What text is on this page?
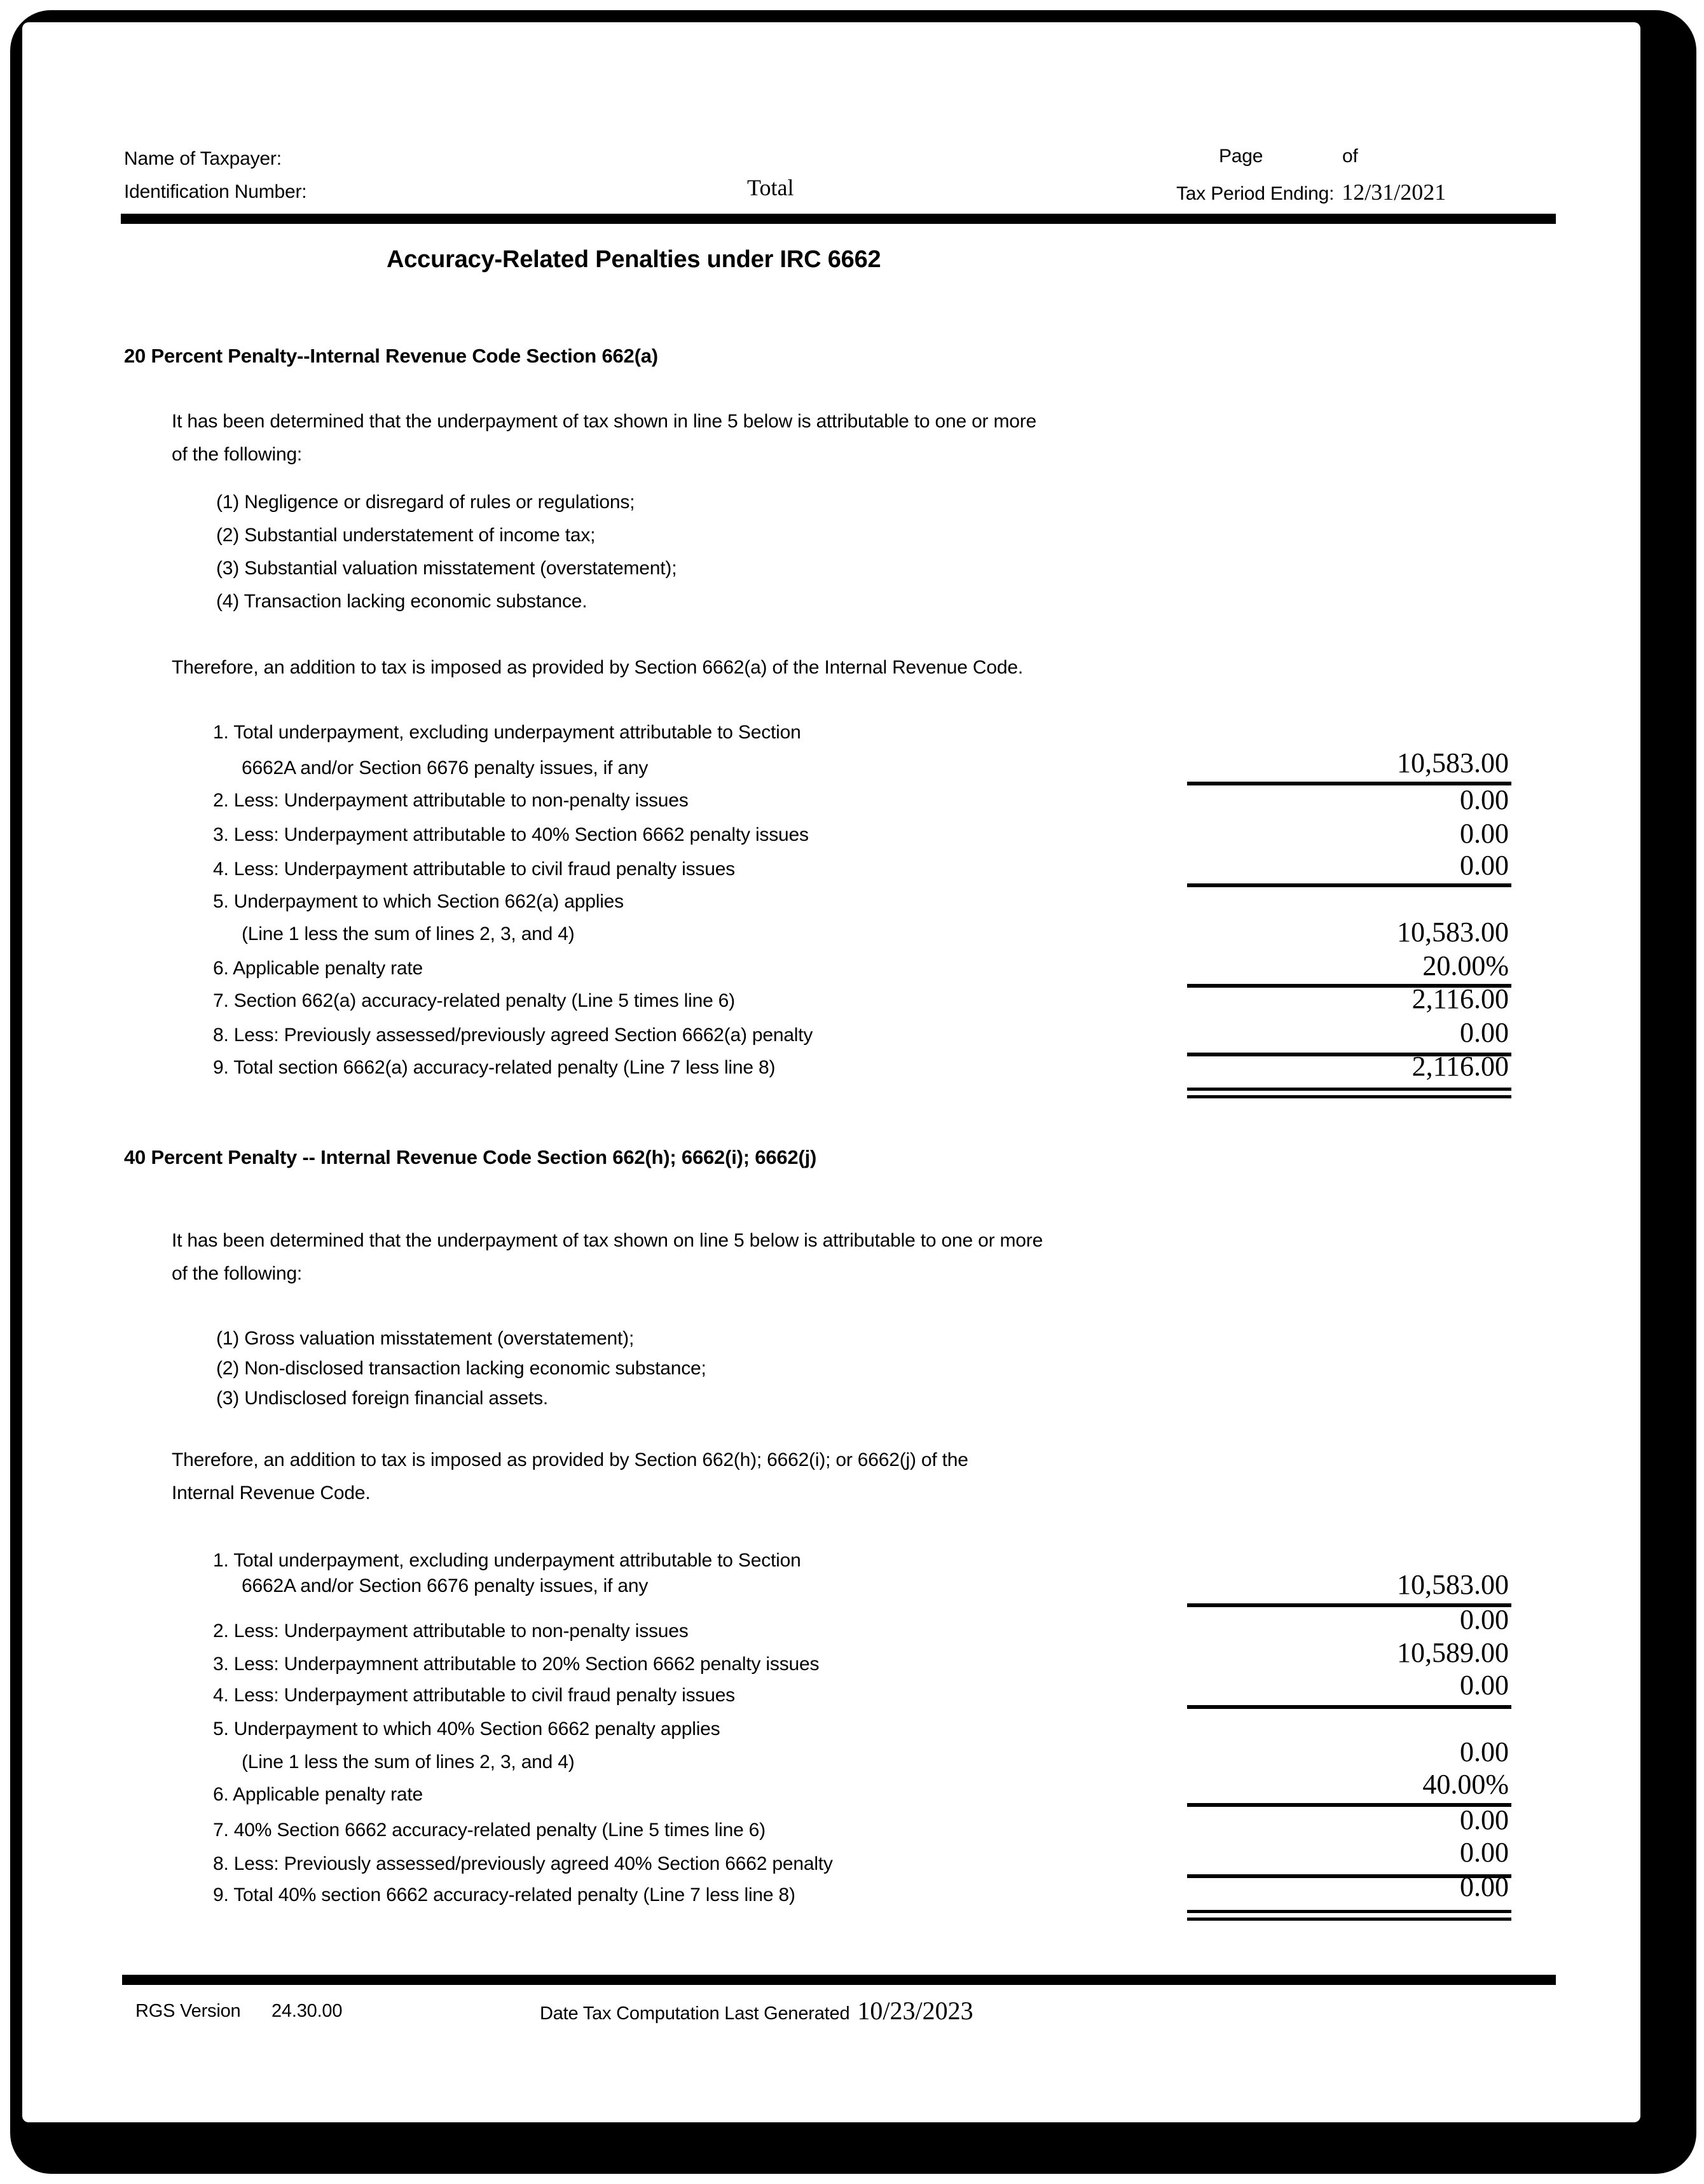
Name of Taxpayer:
Identification Number:	Total
Page	of
Tax Period Ending: 12/31/2021
Accuracy-Related Penalties under IRC 6662
20 Percent Penalty--Internal Revenue Code Section 662(a)
It has been determined that the underpayment of tax shown in line 5 below is attributable to one or more of the following:
(1) Negligence or disregard of rules or regulations;
(2) Substantial understatement of income tax;
(3) Substantial valuation misstatement (overstatement);
(4) Transaction lacking economic substance.
Therefore, an addition to tax is imposed as provided by Section 6662(a) of the Internal Revenue Code.
1. Total underpayment, excluding underpayment attributable to Section
6662A and/or Section 6676 penalty issues, if any	10,583.00
2. Less: Underpayment attributable to non-penalty issues	0.00
3. Less: Underpayment attributable to 40% Section 6662 penalty issues	0.00
4. Less: Underpayment attributable to civil fraud penalty issues	0.00
5. Underpayment to which Section 662(a) applies
(Line 1 less the sum of lines 2, 3, and 4)	10,583.00
6. Applicable penalty rate	20.00%
7. Section 662(a) accuracy-related penalty (Line 5 times line 6)	2,116.00
8. Less: Previously assessed/previously agreed Section 6662(a) penalty	0.00
9. Total section 6662(a) accuracy-related penalty (Line 7 less line 8)	2,116.00
40 Percent Penalty -- Internal Revenue Code Section 662(h); 6662(i); 6662(j)
It has been determined that the underpayment of tax shown on line 5 below is attributable to one or more of the following:
(1) Gross valuation misstatement (overstatement);
(2) Non-disclosed transaction lacking economic substance;
(3) Undisclosed foreign financial assets.
Therefore, an addition to tax is imposed as provided by Section 662(h); 6662(i); or 6662(j) of the Internal Revenue Code.
1. Total underpayment, excluding underpayment attributable to Section
6662A and/or Section 6676 penalty issues, if any	10,583.00
2. Less: Underpayment attributable to non-penalty issues	0.00
3. Less: Underpaymnent attributable to 20% Section 6662 penalty issues	10,589.00
4. Less: Underpayment attributable to civil fraud penalty issues	0.00
5. Underpayment to which 40% Section 6662 penalty applies
(Line 1 less the sum of lines 2, 3, and 4)	0.00
6. Applicable penalty rate	40.00%
7. 40% Section 6662 accuracy-related penalty (Line 5 times line 6)	0.00
8. Less: Previously assessed/previously agreed 40% Section 6662 penalty	0.00
9. Total 40% section 6662 accuracy-related penalty (Line 7 less line 8)	0.00
RGS Version 24.30.00	Date Tax Computation Last Generated 10/23/2023
